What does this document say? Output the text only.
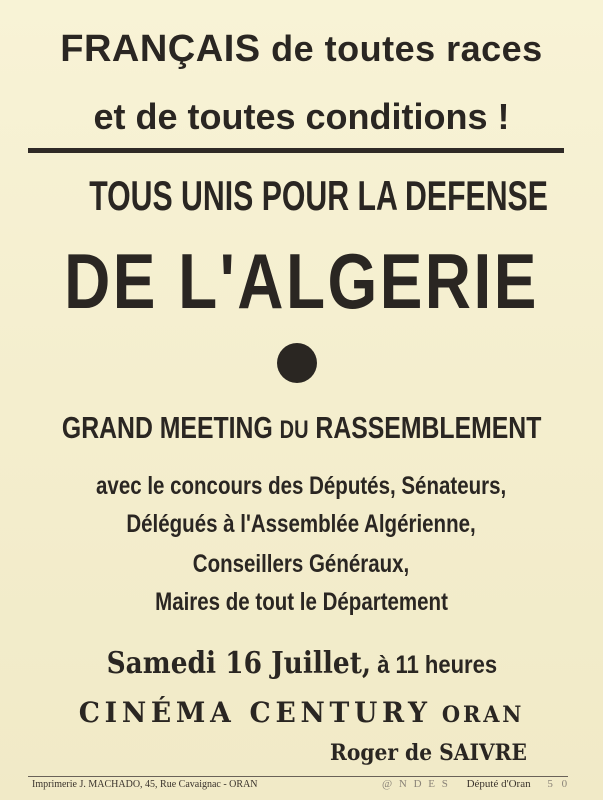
FRANÇAIS de toutes races
et de toutes conditions !
TOUS UNIS POUR LA DEFENSE
DE L'ALGERIE
GRAND MEETING DU RASSEMBLEMENT
avec le concours des Députés, Sénateurs,
Délégués à l'Assemblée Algérienne,
Conseillers Généraux,
Maires de tout le Département
Samedi 16 Juillet, à 11 heures
CINÉMA CENTURY ORAN
Roger de SAIVRE
Imprimerie J. MACHADO, 45, Rue Cavaignac - ORAN	@ N D E S Député d'Oran 5 0
